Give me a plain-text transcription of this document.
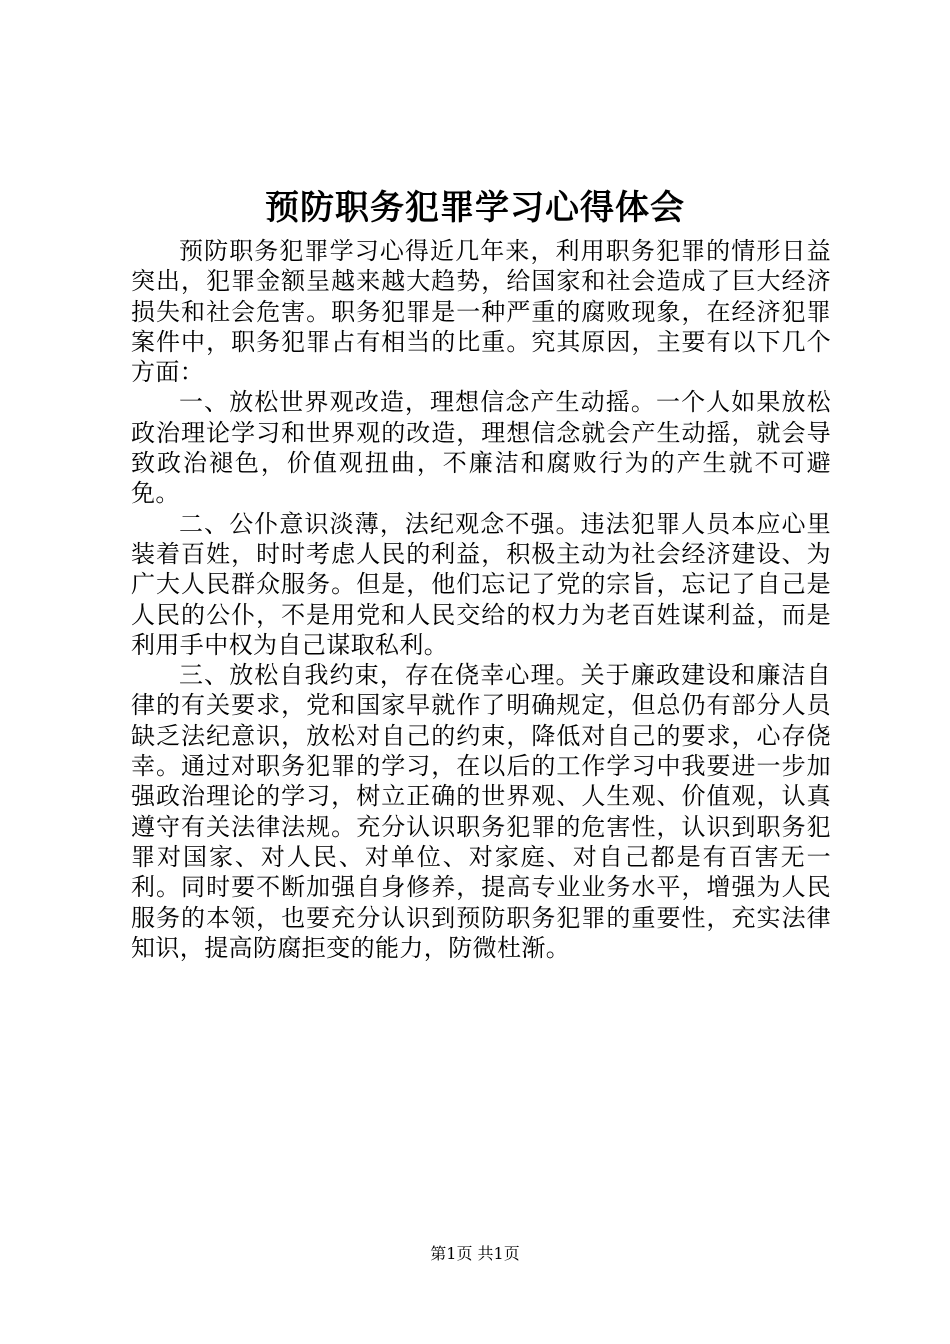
预防职务犯罪学习心得体会

预防职务犯罪学习心得近几年来，利用职务犯罪的情形日益突出，犯罪金额呈越来越大趋势，给国家和社会造成了巨大经济损失和社会危害。职务犯罪是一种严重的腐败现象，在经济犯罪案件中，职务犯罪占有相当的比重。究其原因，主要有以下几个方面：

一、放松世界观改造，理想信念产生动摇。一个人如果放松政治理论学习和世界观的改造，理想信念就会产生动摇，就会导致政治褪色，价值观扭曲，不廉洁和腐败行为的产生就不可避免。

二、公仆意识淡薄，法纪观念不强。违法犯罪人员本应心里装着百姓，时时考虑人民的利益，积极主动为社会经济建设、为广大人民群众服务。但是，他们忘记了党的宗旨，忘记了自己是人民的公仆，不是用党和人民交给的权力为老百姓谋利益，而是利用手中权为自己谋取私利。

三、放松自我约束，存在侥幸心理。关于廉政建设和廉洁自律的有关要求，党和国家早就作了明确规定，但总仍有部分人员缺乏法纪意识，放松对自己的约束，降低对自己的要求，心存侥幸。通过对职务犯罪的学习，在以后的工作学习中我要进一步加强政治理论的学习，树立正确的世界观、人生观、价值观，认真遵守有关法律法规。充分认识职务犯罪的危害性，认识到职务犯罪对国家、对人民、对单位、对家庭、对自己都是有百害无一利。同时要不断加强自身修养，提高专业业务水平，增强为人民服务的本领，也要充分认识到预防职务犯罪的重要性，充实法律知识，提高防腐拒变的能力，防微杜渐。

第1页 共1页
